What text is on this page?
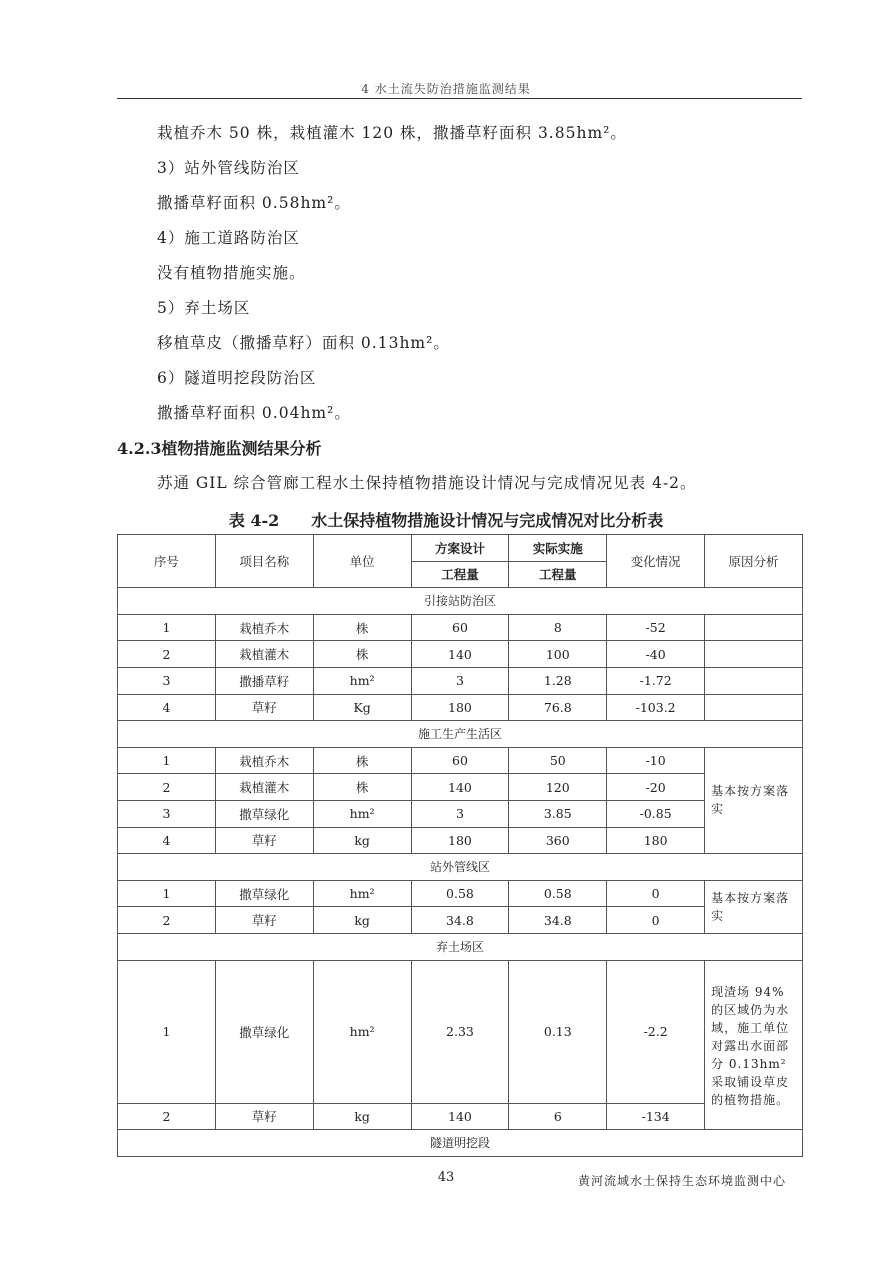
4 水土流失防治措施监测结果
栽植乔木 50 株，栽植灌木 120 株，撒播草籽面积 3.85hm²。
3）站外管线防治区
撒播草籽面积 0.58hm²。
4）施工道路防治区
没有植物措施实施。
5）弃土场区
移植草皮（撒播草籽）面积 0.13hm²。
6）隧道明挖段防治区
撒播草籽面积 0.04hm²。
4.2.3植物措施监测结果分析
苏通 GIL 综合管廊工程水土保持植物措施设计情况与完成情况见表 4-2。
表 4-2　　水土保持植物措施设计情况与完成情况对比分析表
序号	项目名称	单位	方案设计	实际实施	变化情况	原因分析
			工程量	工程量		
引接站防治区						
1	栽植乔木	株	60	8	-52	
2	栽植灌木	株	140	100	-40	
3	撒播草籽	hm²	3	1.28	-1.72	
4	草籽	Kg	180	76.8	-103.2	
施工生产生活区						
1	栽植乔木	株	60	50	-10	基本按方案落实
2	栽植灌木	株	140	120	-20	
3	撒草绿化	hm²	3	3.85	-0.85	
4	草籽	kg	180	360	180	
站外管线区						
1	撒草绿化	hm²	0.58	0.58	0	基本按方案落实
2	草籽	kg	34.8	34.8	0	
弃土场区						
1	撒草绿化	hm²	2.33	0.13	-2.2	现渣场 94%的区域仍为水域，施工单位对露出水面部分 0.13hm²采取铺设草皮的植物措施。
2	草籽	kg	140	6	-134	
隧道明挖段						
43	黄河流域水土保持生态环境监测中心
